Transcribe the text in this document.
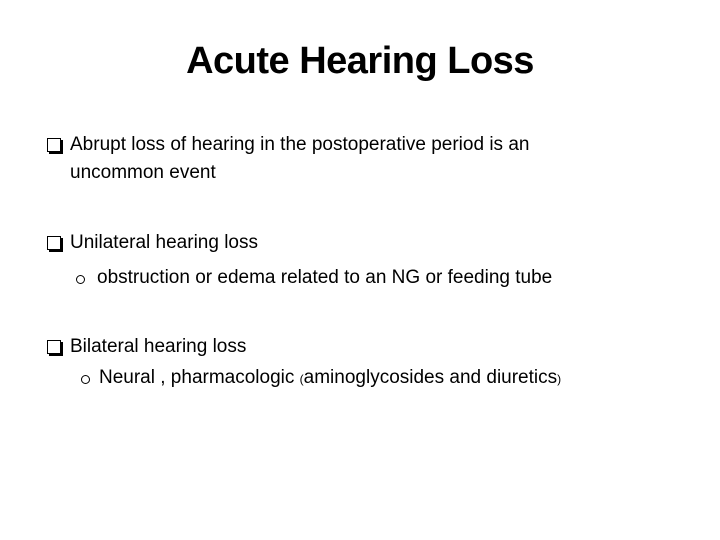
Acute Hearing Loss
Abrupt loss of hearing in the postoperative period is an
uncommon event
Unilateral hearing loss
obstruction or edema related to an NG or feeding tube
Bilateral hearing loss
Neural , pharmacologic (aminoglycosides and diuretics)
